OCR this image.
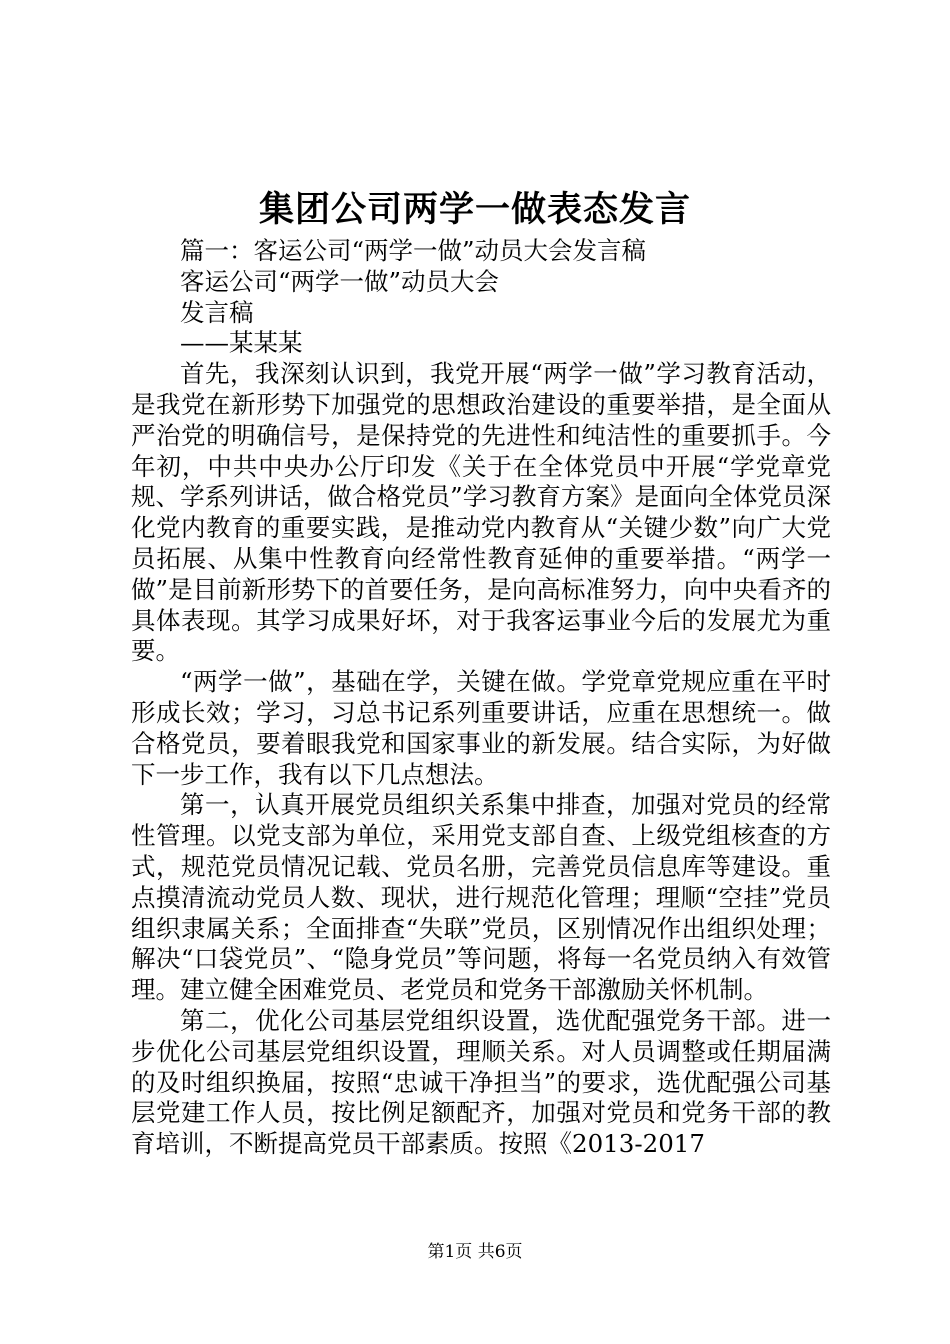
集团公司两学一做表态发言
篇一：客运公司“两学一做”动员大会发言稿
客运公司“两学一做”动员大会
发言稿
——某某某

首先，我深刻认识到，我党开展“两学一做”学习教育活动，是我党在新形势下加强党的思想政治建设的重要举措，是全面从严治党的明确信号，是保持党的先进性和纯洁性的重要抓手。今年初，中共中央办公厅印发《关于在全体党员中开展“学党章党规、学系列讲话，做合格党员”学习教育方案》是面向全体党员深化党内教育的重要实践，是推动党内教育从“关键少数”向广大党员拓展、从集中性教育向经常性教育延伸的重要举措。“两学一做”是目前新形势下的首要任务，是向高标准努力，向中央看齐的具体表现。其学习成果好坏，对于我客运事业今后的发展尤为重要。

“两学一做”，基础在学，关键在做。学党章党规应重在平时形成长效；学习，习总书记系列重要讲话，应重在思想统一。做合格党员，要着眼我党和国家事业的新发展。结合实际，为好做下一步工作，我有以下几点想法。

第一，认真开展党员组织关系集中排查，加强对党员的经常性管理。以党支部为单位，采用党支部自查、上级党组核查的方式，规范党员情况记载、党员名册，完善党员信息库等建设。重点摸清流动党员人数、现状，进行规范化管理；理顺“空挂”党员组织隶属关系；全面排查“失联”党员，区别情况作出组织处理；解决“口袋党员”、“隐身党员”等问题，将每一名党员纳入有效管理。建立健全困难党员、老党员和党务干部激励关怀机制。

第二，优化公司基层党组织设置，选优配强党务干部。进一步优化公司基层党组织设置，理顺关系。对人员调整或任期届满的及时组织换届，按照“忠诚干净担当”的要求，选优配强公司基层党建工作人员，按比例足额配齐，加强对党员和党务干部的教育培训，不断提高党员干部素质。按照《2013-2017

第1页 共6页
